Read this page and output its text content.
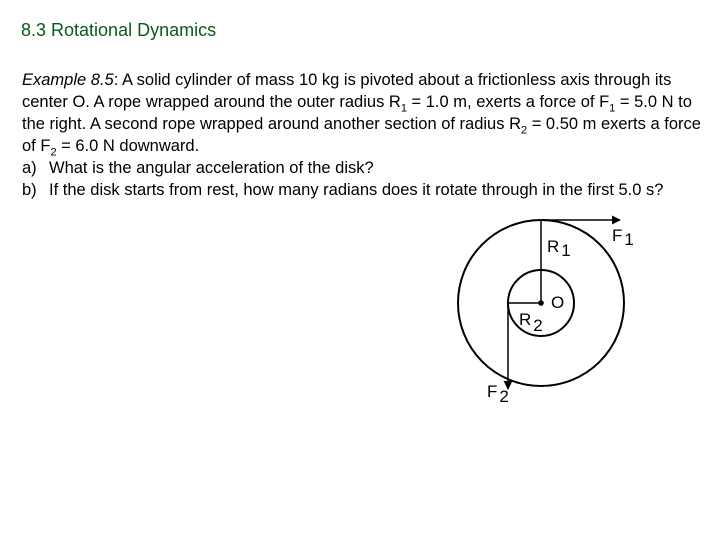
8.3 Rotational Dynamics

Example 8.5: A solid cylinder of mass 10 kg is pivoted about a frictionless axis through its center O. A rope wrapped around the outer radius $R_1 = 1.0$ m, exerts a force of $F_1 = 5.0$ N to the right. A second rope wrapped around another section of radius $R_2 = 0.50$ m exerts a force of $F_2 = 6.0$ N downward.

a) What is the angular acceleration of the disk?
b) If the disk starts from rest, how many radians does it rotate through in the first 5.0 s?
F 1
R 1
O
R 2
F 2
